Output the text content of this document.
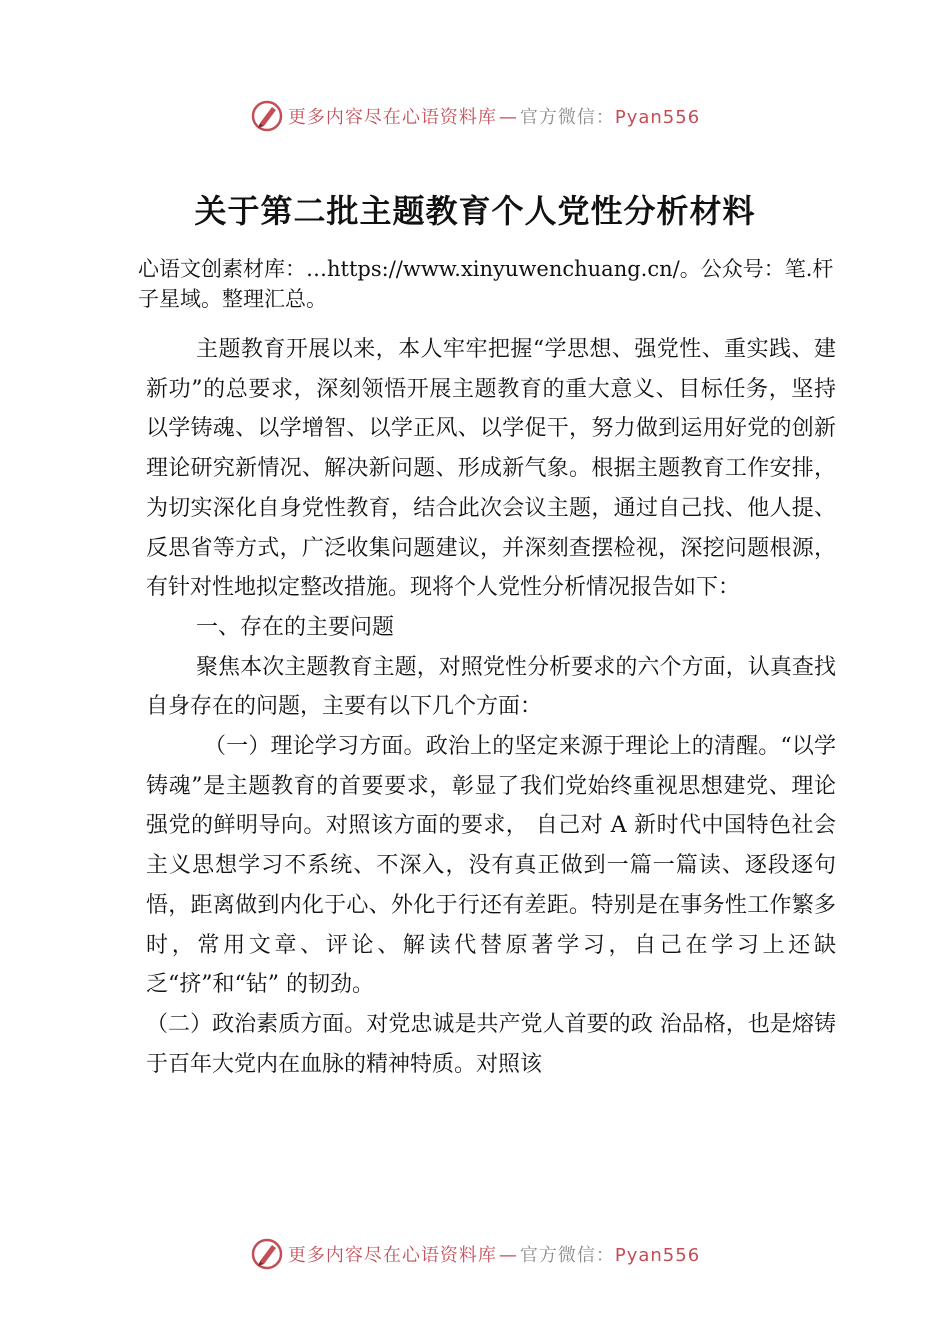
更多内容尽在心语资料库 — 官方微信：Pyan556
关于第二批主题教育个人党性分析材料
心语文创素材库：…https://www.xinyuwenchuang.cn/。公众号：笔.杆子星域。整理汇总。

主题教育开展以来，本人牢牢把握“学思想、强党性、重实践、建新功”的总要求，深刻领悟开展主题教育的重大意义、目标任务，坚持以学铸魂、以学增智、以学正风、以学促干，努力做到运用好党的创新理论研究新情况、解决新问题、形成新气象。根据主题教育工作安排，为切实深化自身党性教育，结合此次会议主题，通过自己找、他人提、反思省等方式，广泛收集问题建议，并深刻查摆检视，深挖问题根源，有针对性地拟定整改措施。现将个人党性分析情况报告如下：

一、存在的主要问题

聚焦本次主题教育主题，对照党性分析要求的六个方面，认真查找自身存在的问题，主要有以下几个方面：

（一）理论学习方面。政治上的坚定来源于理论上的清醒。“以学铸魂”是主题教育的首要要求，彰显了我们党始终重视思想建党、理论强党的鲜明导向。对照该方面的要求， 自己对 A 新时代中国特色社会主义思想学习不系统、不深入，没有真正做到一篇一篇读、逐段逐句悟，距离做到内化于心、外化于行还有差距。特别是在事务性工作繁多时，常用文章、评论、解读代替原著学习，自己在学习上还缺乏“挤”和“钻” 的韧劲。

（二）政治素质方面。对党忠诚是共产党人首要的政 治品格，也是熔铸于百年大党内在血脉的精神特质。对照该

更多内容尽在心语资料库 — 官方微信：Pyan556
